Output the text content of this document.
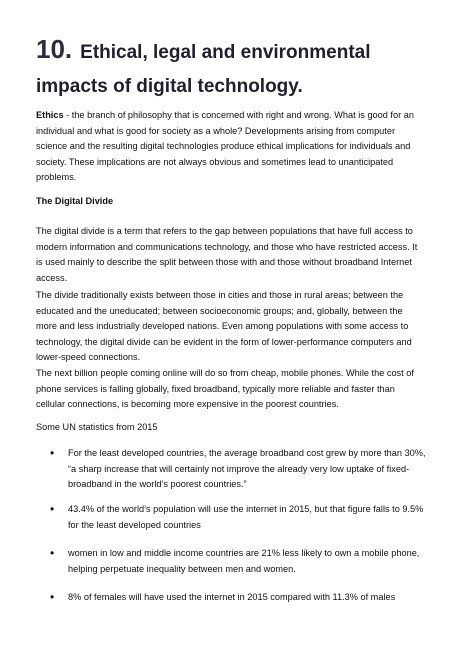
10. Ethical, legal and environmental
impacts of digital technology.

Ethics - the branch of philosophy that is concerned with right and wrong. What is good for an individual and what is good for society as a whole? Developments arising from computer science and the resulting digital technologies produce ethical implications for individuals and society. These implications are not always obvious and sometimes lead to unanticipated problems.

The Digital Divide

The digital divide is a term that refers to the gap between populations that have full access to modern information and communications technology, and those who have restricted access. It is used mainly to describe the split between those with and those without broadband Internet access.

The divide traditionally exists between those in cities and those in rural areas; between the educated and the uneducated; between socioeconomic groups; and, globally, between the more and less industrially developed nations. Even among populations with some access to technology, the digital divide can be evident in the form of lower-performance computers and lower-speed connections.

The next billion people coming online will do so from cheap, mobile phones. While the cost of phone services is falling globally, fixed broadband, typically more reliable and faster than cellular connections, is becoming more expensive in the poorest countries.

Some UN statistics from 2015

•	For the least developed countries, the average broadband cost grew by more than 30%, “a sharp increase that will certainly not improve the already very low uptake of fixed-broadband in the world’s poorest countries.”
•	43.4% of the world’s population will use the internet in 2015, but that figure falls to 9.5% for the least developed countries
•	women in low and middle income countries are 21% less likely to own a mobile phone, helping perpetuate inequality between men and women.
•	8% of females will have used the internet in 2015 compared with 11.3% of males
